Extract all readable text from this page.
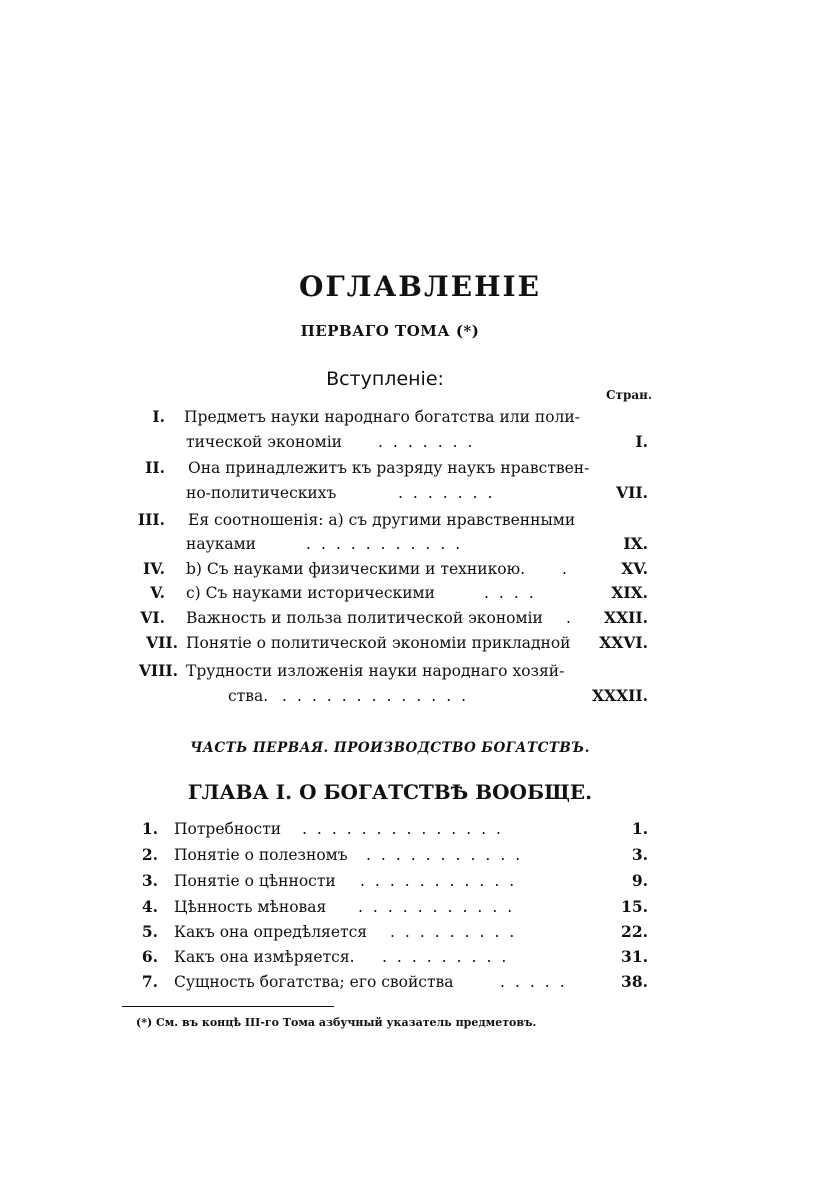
ОГЛАВЛЕНІЕ
ПЕРВАГО ТОМА (*)
Вступленіе:
Стран.
I. Предметъ науки народнаго богатства или поли-
тической экономіи .......	I.
II. Она принадлежитъ къ разряду наукъ нравствен-
но-политическихъ	.......	VII.
III. Ея соотношенія: а) съ другими нравственными
науками	...........	IX.
IV. b) Съ науками физическими и техникою. .	XV.
V. c) Съ науками историческими	....	XIX.
VI. Важность и польза политической экономіи .	XXII.
VII. Понятіе о политической экономіи прикладной	XXVI.
VIII. Трудности изложенія науки народнаго хозяй-
ства. .............	XXXII.
ЧАСТЬ ПЕРВАЯ. ПРОИЗВОДСТВО БОГАТСТВЪ.
ГЛАВА I. О БОГАТСТВѢ ВООБЩЕ.
1. Потребности ..............	1.
2. Понятіе о полезномъ ...........	3.
3. Понятіе о цѣнности ...........	9.
4. Цѣнность мѣновая ...........	15.
5. Какъ она опредѣляется .........	22.
6. Какъ она измѣряется. .........	31.
7. Сущность богатства; его свойства	.....	38.
(*) См. въ концѣ III-го Тома азбучный указатель предметовъ.
